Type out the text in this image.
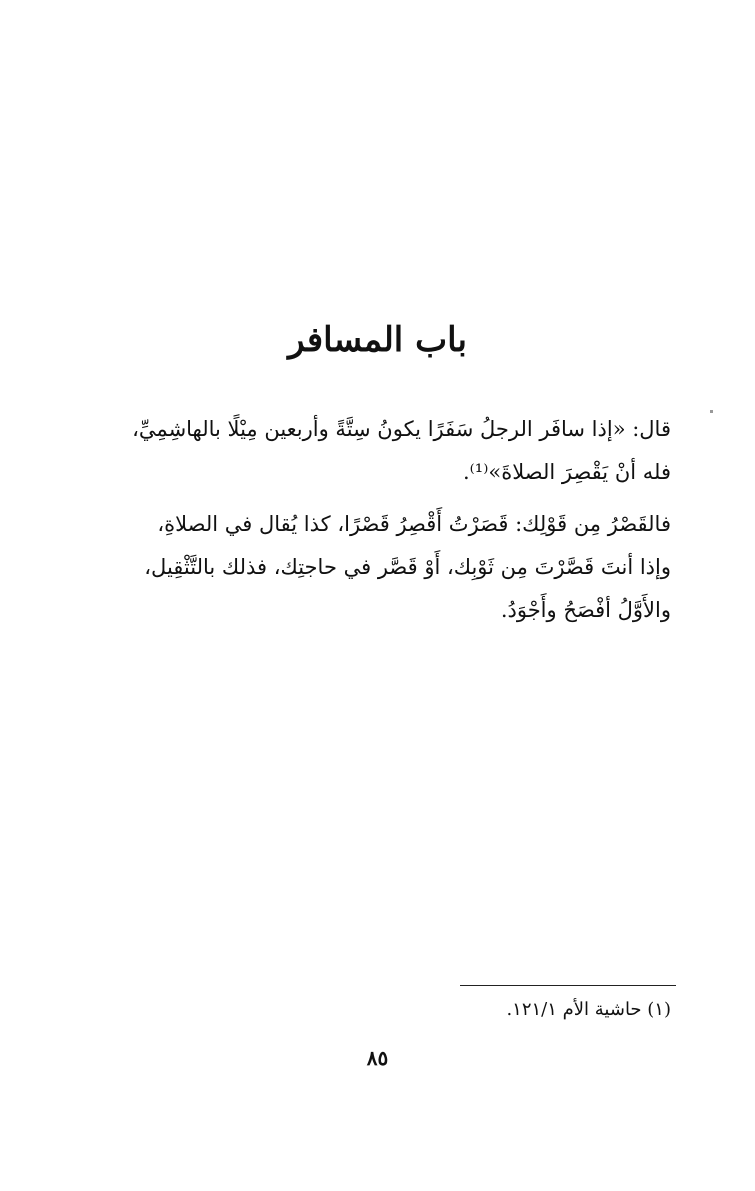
باب المسافر
قال: «إذا سافَر الرجلُ سَفَرًا يكونُ سِتَّةً وأربعين مِيْلًا بالهاشِمِيِّ،
فله أنْ يَقْصِرَ الصلاةَ»⁽¹⁾.
فالقَصْرُ مِن قَوْلِك: قَصَرْتُ أَقْصِرُ قَصْرًا، كذا يُقال في الصلاةِ،
وإذا أنتَ قَصَّرْتَ مِن ثَوْبِك، أَوْ قَصَّر في حاجتِك، فذلك بالتَّثْقِيل،
والأَوَّلُ أفْصَحُ وأَجْوَدُ.
(١) حاشية الأم ١٢١/١.
٨٥
